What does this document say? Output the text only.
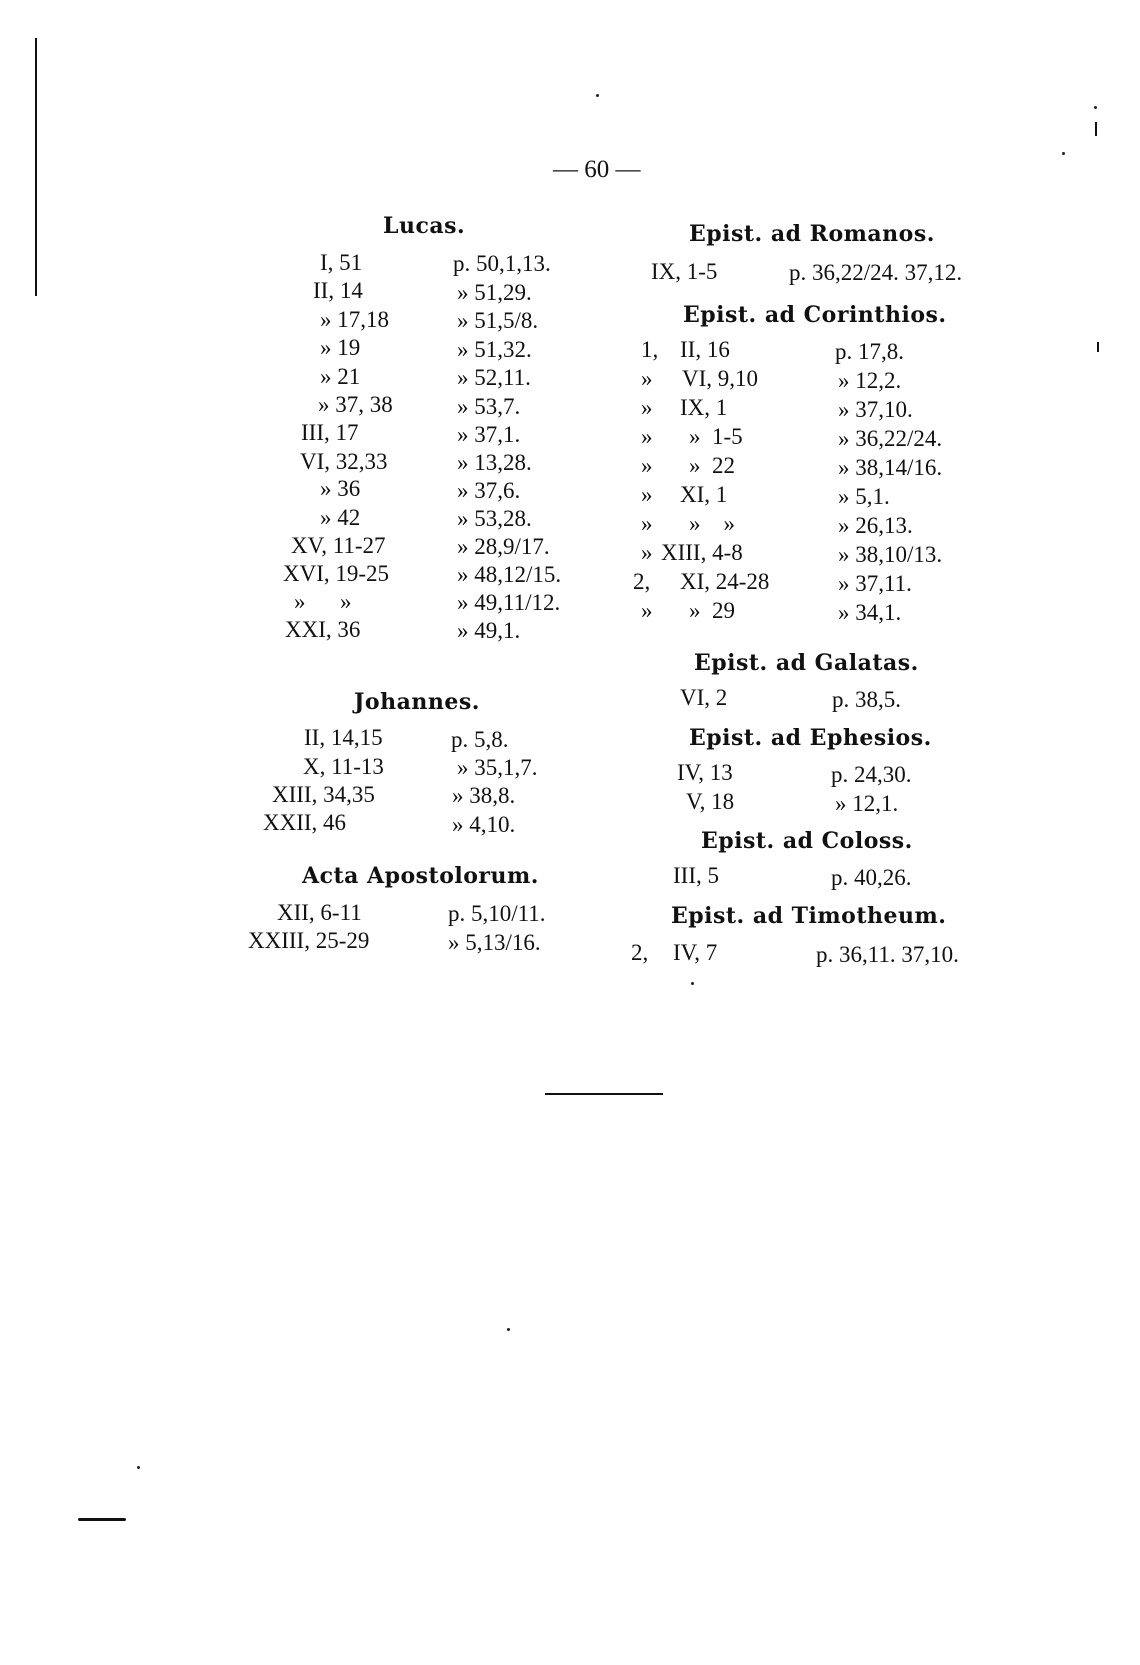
— 60 —
Lucas.
I, 51	p. 50,1,13.
II, 14	» 51,29.
» 17,18	» 51,5/8.
» 19	» 51,32.
» 21	» 52,11.
» 37, 38	» 53,7.
III, 17	» 37,1.
VI, 32,33	» 13,28.
» 36	» 37,6.
» 42	» 53,28.
XV, 11-27	» 28,9/17.
XVI, 19-25	» 48,12/15.
»      »	» 49,11/12.
XXI, 36	» 49,1.
Johannes.
II, 14,15	p. 5,8.
X, 11-13	» 35,1,7.
XIII, 34,35	» 38,8.
XXII, 46	» 4,10.
Acta Apostolorum.
XII, 6-11	p. 5,10/11.
XXIII, 25-29	» 5,13/16.
Epist. ad Romanos.
IX, 1-5	p. 36,22/24. 37,12.
Epist. ad Corinthios.
1, II, 16	p. 17,8.
» VI, 9,10	» 12,2.
» IX, 1	» 37,10.
» »  1-5	» 36,22/24.
» »  22	» 38,14/16.
» XI, 1	» 5,1.
» »    »	» 26,13.
» XIII, 4-8	» 38,10/13.
2, XI, 24-28	» 37,11.
» »  29	» 34,1.
Epist. ad Galatas.
VI, 2	p. 38,5.
Epist. ad Ephesios.
IV, 13	p. 24,30.
V, 18	» 12,1.
Epist. ad Coloss.
III, 5	p. 40,26.
Epist. ad Timotheum.
2, IV, 7	p. 36,11. 37,10.
